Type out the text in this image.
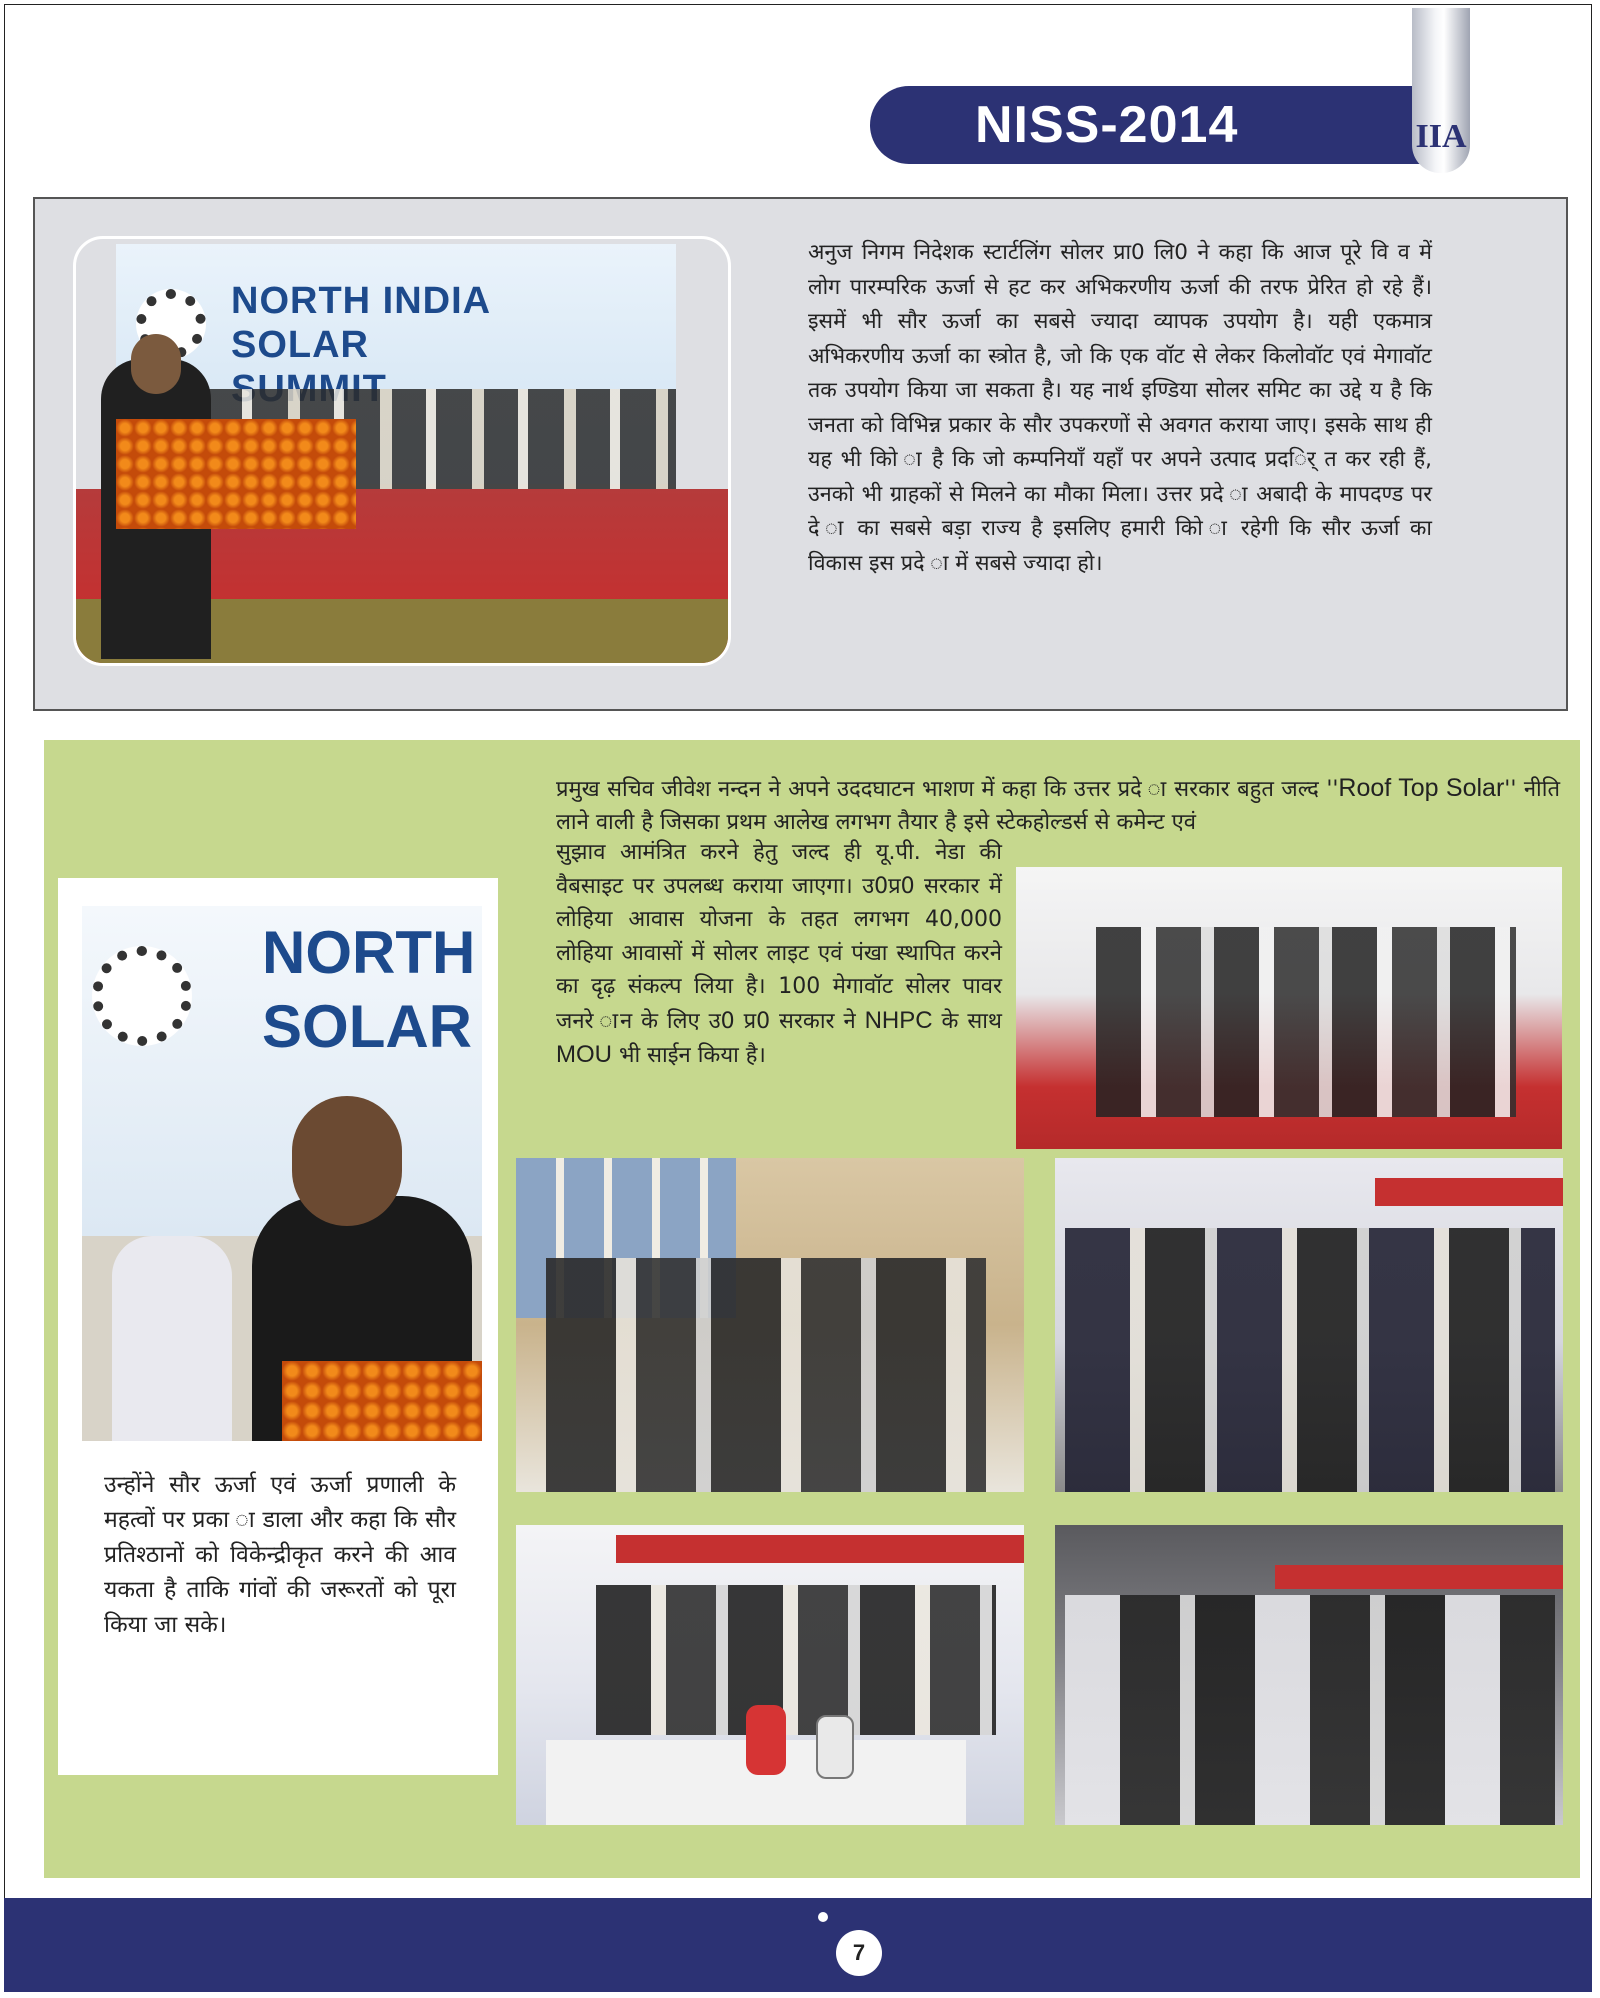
NISS-2014	IIA
NORTH INDIA SOLAR
अनुज निगम निदेशक स्टार्टलिंग सोलर प्रा0 लि0 ने कहा कि आज पूरे वि व में लोग पारम्परिक ऊर्जा से हट कर अभिकरणीय ऊर्जा की तरफ प्रेरित हो रहे हैं। इसमें भी सौर ऊर्जा का सबसे ज्यादा व्यापक उपयोग है। यही एकमात्र अभिकरणीय ऊर्जा का स्त्रोत है, जो कि एक वॉट से लेकर किलोवॉट एवं मेगावॉट तक उपयोग किया जा सकता है। यह नार्थ इण्डिया सोलर समिट का उद्दे य है कि जनता को विभिन्न प्रकार के सौर उपकरणों से अवगत कराया जाए। इसके साथ ही यह भी कोि ा है कि जो कम्पनियाँ यहाँ पर अपने उत्पाद प्रदर्ि त कर रही हैं, उनको भी ग्राहकों से मिलने का मौका मिला। उत्तर प्रदे ा अबादी के मापदण्ड पर दे ा का सबसे बड़ा राज्य है इसलिए हमारी कोि ा रहेगी कि सौर ऊर्जा का विकास इस प्रदे ा में सबसे ज्यादा हो।
प्रमुख सचिव जीवेश नन्दन ने अपने उददघाटन भाशण में कहा कि उत्तर प्रदे ा सरकार बहुत जल्द ''Roof Top Solar'' नीति लाने वाली है जिसका प्रथम आलेख लगभग तैयार है इसे स्टेकहोल्डर्स से कमेन्ट एवं
सुझाव आमंत्रित करने हेतु जल्द ही यू.पी. नेडा की वैबसाइट पर उपलब्ध कराया जाएगा। उ0प्र0 सरकार में लोहिया आवास योजना के तहत लगभग 40,000 लोहिया आवासों में सोलर लाइट एवं पंखा स्थापित करने का दृढ़ संकल्प लिया है। 100 मेगावॉट सोलर पावर जनरे ान के लिए उ0 प्र0 सरकार ने NHPC के साथ MOU भी साईन किया है।
NORTH SOLAR
उन्होंने सौर ऊर्जा एवं ऊर्जा प्रणाली के महत्वों पर प्रका ा डाला और कहा कि सौर प्रतिश्ठानों को विकेन्द्रीकृत करने की आव यकता है ताकि गांवों की जरूरतों को पूरा किया जा सके।
7
